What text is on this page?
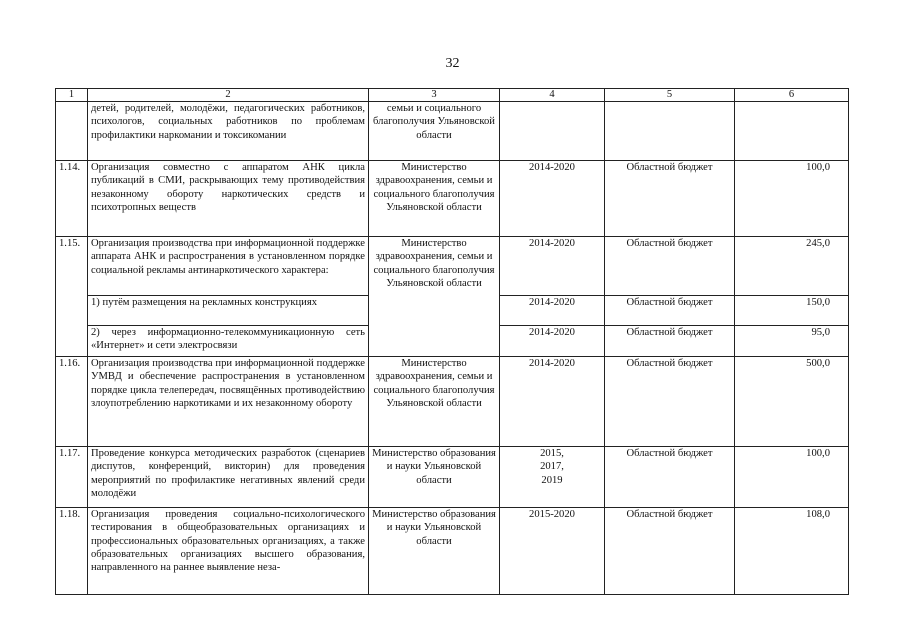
32
1	2	3	4	5	6
	детей, родителей, молодёжи, педагогических работников, психологов, социальных работников по проблемам профилактики наркомании и токсикомании	семьи и социального благополучия Ульяновской области			
1.14.	Организация совместно с аппаратом АНК цикла публикаций в СМИ, раскрывающих тему противодействия незаконному обороту наркотических средств и психотропных веществ	Министерство здравоохранения, семьи и социального благополучия Ульяновской области	2014-2020	Областной бюджет	100,0
1.15.	Организация производства при информационной поддержке аппарата АНК и распространения в установленном порядке социальной рекламы антинаркотического характера:	Министерство здравоохранения, семьи и социального благополучия Ульяновской области	2014-2020	Областной бюджет	245,0
	1) путём размещения на рекламных конструкциях		2014-2020	Областной бюджет	150,0
	2) через информационно-телекоммуникационную сеть «Интернет» и сети электросвязи		2014-2020	Областной бюджет	95,0
1.16.	Организация производства при информационной поддержке УМВД и обеспечение распространения в установленном порядке цикла телепередач, посвящённых противодействию злоупотреблению наркотиками и их незаконному обороту	Министерство здравоохранения, семьи и социального благополучия Ульяновской области	2014-2020	Областной бюджет	500,0
1.17.	Проведение конкурса методических разработок (сценариев диспутов, конференций, викторин) для проведения мероприятий по профилактике негативных явлений среди молодёжи	Министерство образования и науки Ульяновской области	2015, 2017, 2019	Областной бюджет	100,0
1.18.	Организация проведения социально-психологического тестирования в общеобразовательных организациях и профессиональных образовательных организациях, а также образовательных организациях высшего образования, направленного на раннее выявление неза-	Министерство образования и науки Ульяновской области	2015-2020	Областной бюджет	108,0
